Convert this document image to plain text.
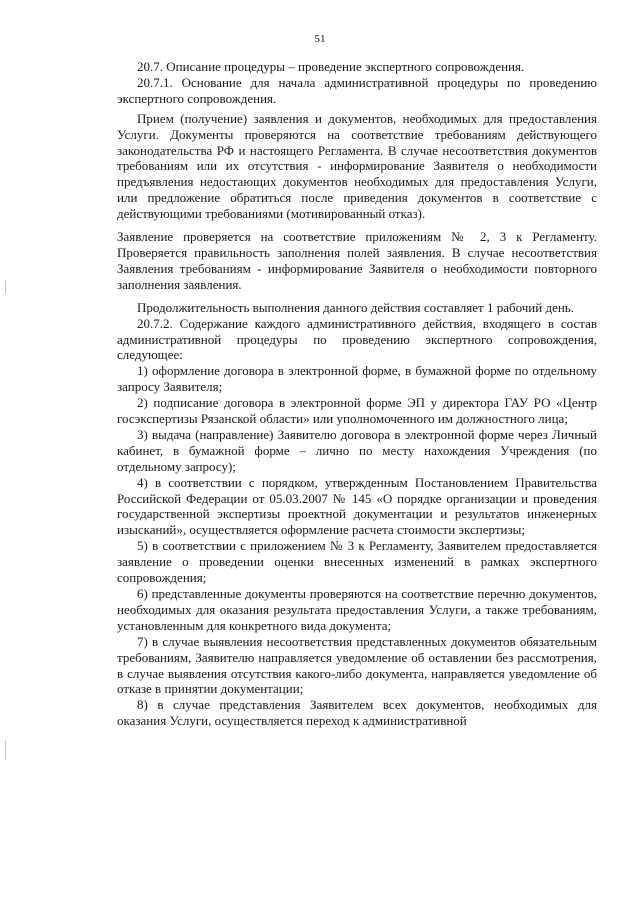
51

20.7. Описание процедуры – проведение экспертного сопровождения.

20.7.1. Основание для начала административной процедуры по проведению экспертного сопровождения.

Прием (получение) заявления и документов, необходимых для предоставления Услуги. Документы проверяются на соответствие требованиям действующего законодательства РФ и настоящего Регламента. В случае несоответствия документов требованиям или их отсутствия - информирование Заявителя о необходимости предъявления недостающих документов необходимых для предоставления Услуги, или предложение обратиться после приведения документов в соответствие с действующими требованиями (мотивированный отказ).

Заявление проверяется на соответствие приложениям № 2, 3 к Регламенту. Проверяется правильность заполнения полей заявления. В случае несоответствия Заявления требованиям - информирование Заявителя о необходимости повторного заполнения заявления.

Продолжительность выполнения данного действия составляет 1 рабочий день.

20.7.2. Содержание каждого административного действия, входящего в состав административной процедуры по проведению экспертного сопровождения, следующее:

1) оформление договора в электронной форме, в бумажной форме по отдельному запросу Заявителя;

2) подписание договора в электронной форме ЭП у директора ГАУ РО «Центр госэкспертизы Рязанской области» или уполномоченного им должностного лица;

3) выдача (направление) Заявителю договора в электронной форме через Личный кабинет, в бумажной форме – лично по месту нахождения Учреждения (по отдельному запросу);

4) в соответствии с порядком, утвержденным Постановлением Правительства Российской Федерации от 05.03.2007 № 145 «О порядке организации и проведения государственной экспертизы проектной документации и результатов инженерных изысканий», осуществляется оформление расчета стоимости экспертизы;

5) в соответствии с приложением № 3 к Регламенту, Заявителем предоставляется заявление о проведении оценки внесенных изменений в рамках экспертного сопровождения;

6) представленные документы проверяются на соответствие перечню документов, необходимых для оказания результата предоставления Услуги, а также требованиям, установленным для конкретного вида документа;

7) в случае выявления несоответствия представленных документов обязательным требованиям, Заявителю направляется уведомление об оставлении без рассмотрения, в случае выявления отсутствия какого-либо документа, направляется уведомление об отказе в принятии документации;

8) в случае представления Заявителем всех документов, необходимых для оказания Услуги, осуществляется переход к административной
